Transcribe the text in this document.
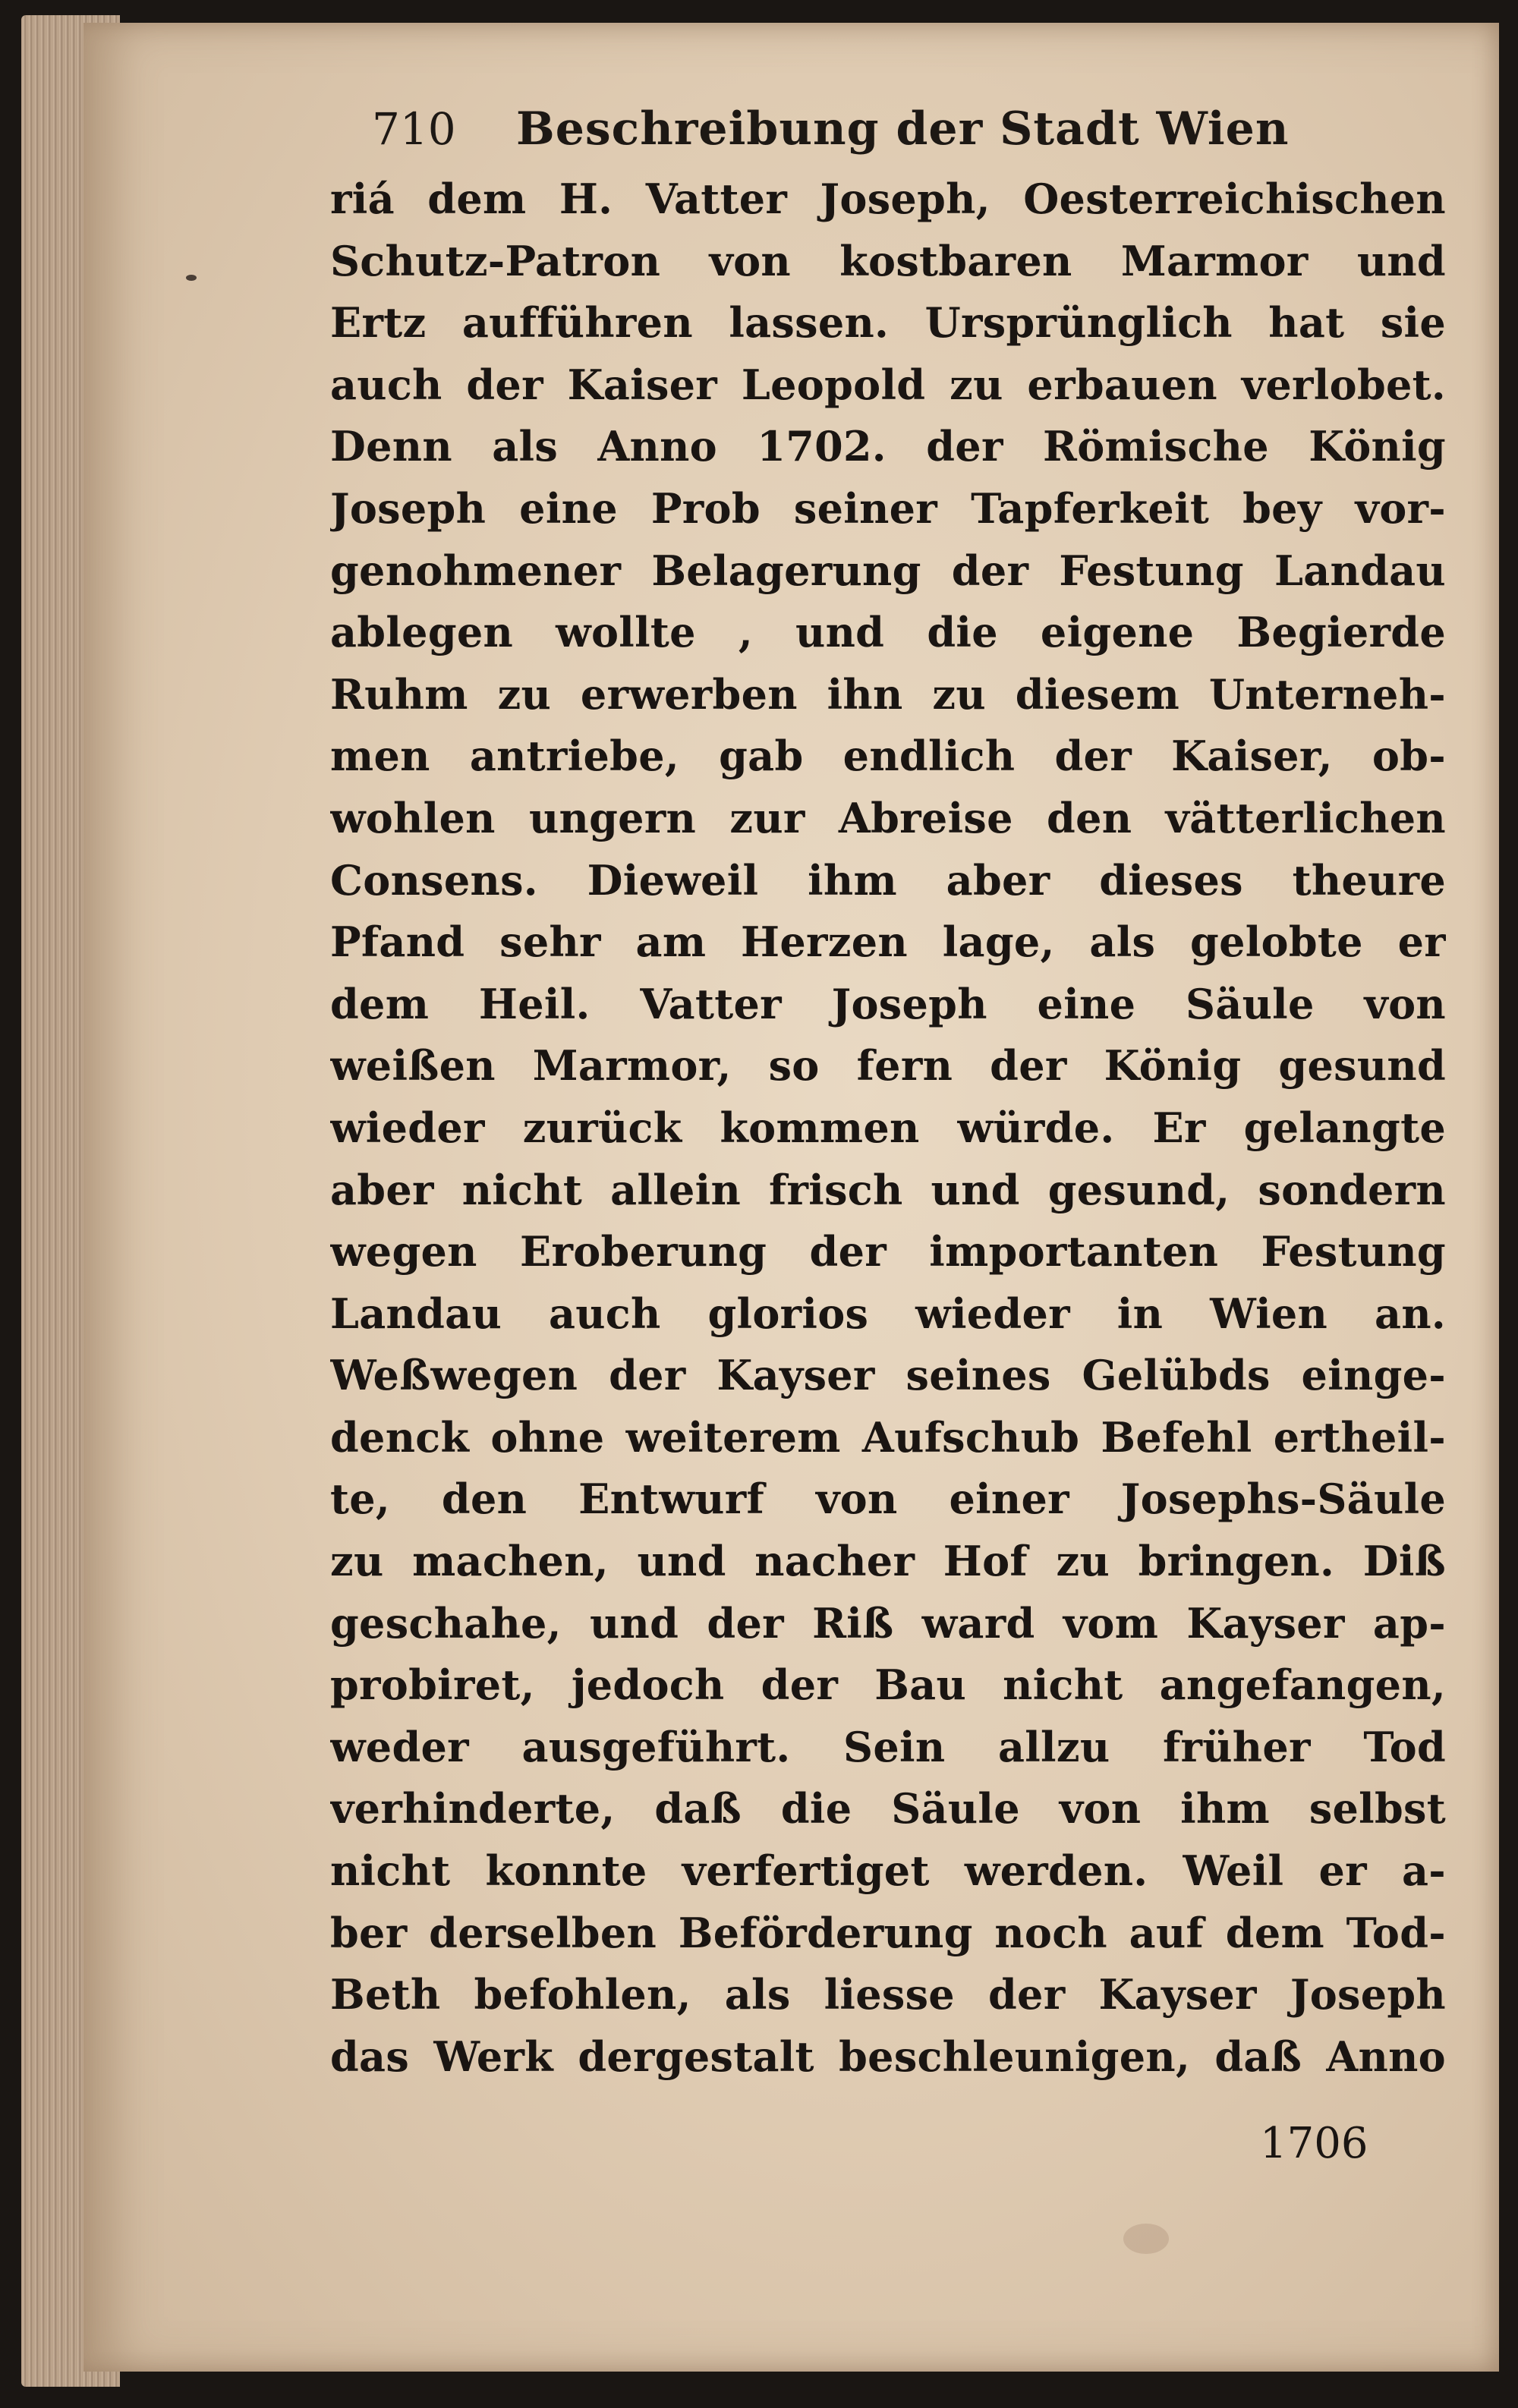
710 Beschreibung der Stadt Wien
riá dem H. Vatter Joseph, Oesterreichischen
Schutz-Patron von kostbaren Marmor und
Ertz aufführen lassen. Ursprünglich hat sie
auch der Kaiser Leopold zu erbauen verlobet.
Denn als Anno 1702. der Römische König
Joseph eine Prob seiner Tapferkeit bey vor-
genohmener Belagerung der Festung Landau
ablegen wollte , und die eigene Begierde
Ruhm zu erwerben ihn zu diesem Unterneh-
men antriebe, gab endlich der Kaiser, ob-
wohlen ungern zur Abreise den vätterlichen
Consens. Dieweil ihm aber dieses theure
Pfand sehr am Herzen lage, als gelobte er
dem Heil. Vatter Joseph eine Säule von
weißen Marmor, so fern der König gesund
wieder zurück kommen würde. Er gelangte
aber nicht allein frisch und gesund, sondern
wegen Eroberung der importanten Festung
Landau auch glorios wieder in Wien an.
Weßwegen der Kayser seines Gelübds einge-
denck ohne weiterem Aufschub Befehl ertheil-
te, den Entwurf von einer Josephs-Säule
zu machen, und nacher Hof zu bringen. Diß
geschahe, und der Riß ward vom Kayser ap-
probiret, jedoch der Bau nicht angefangen,
weder ausgeführt. Sein allzu früher Tod
verhinderte, daß die Säule von ihm selbst
nicht konnte verfertiget werden. Weil er a-
ber derselben Beförderung noch auf dem Tod-
Beth befohlen, als liesse der Kayser Joseph
das Werk dergestalt beschleunigen, daß Anno
1706
